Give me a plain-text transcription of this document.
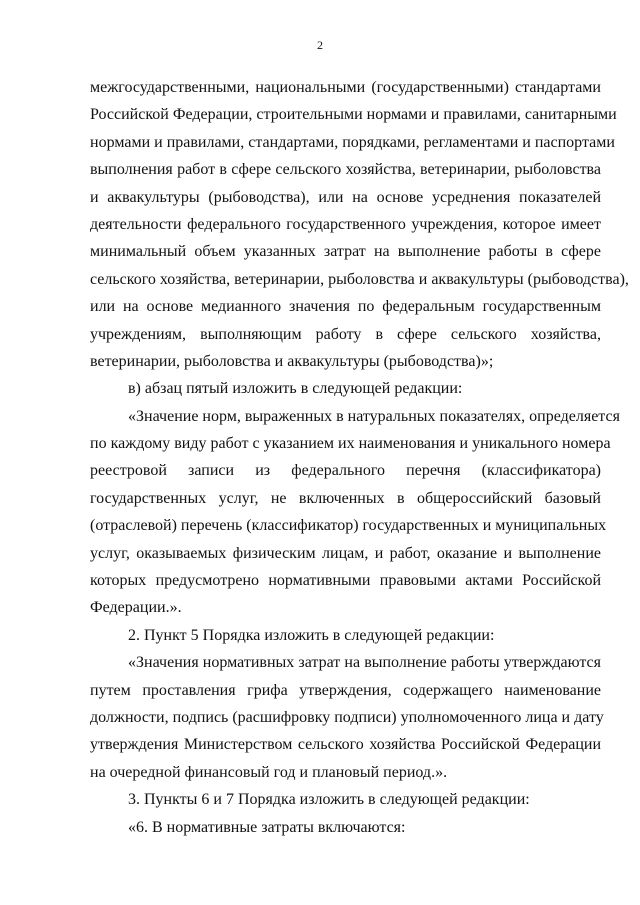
2
межгосударственными, национальными (государственными) стандартами
Российской Федерации, строительными нормами и правилами, санитарными
нормами и правилами, стандартами, порядками, регламентами и паспортами
выполнения работ в сфере сельского хозяйства, ветеринарии, рыболовства
и аквакультуры (рыбоводства), или на основе усреднения показателей
деятельности федерального государственного учреждения, которое имеет
минимальный объем указанных затрат на выполнение работы в сфере
сельского хозяйства, ветеринарии, рыболовства и аквакультуры (рыбоводства),
или на основе медианного значения по федеральным государственным
учреждениям, выполняющим работу в сфере сельского хозяйства,
ветеринарии, рыболовства и аквакультуры (рыбоводства)»;
в) абзац пятый изложить в следующей редакции:
«Значение норм, выраженных в натуральных показателях, определяется
по каждому виду работ с указанием их наименования и уникального номера
реестровой записи из федерального перечня (классификатора)
государственных услуг, не включенных в общероссийский базовый
(отраслевой) перечень (классификатор) государственных и муниципальных
услуг, оказываемых физическим лицам, и работ, оказание и выполнение
которых предусмотрено нормативными правовыми актами Российской
Федерации.».
2. Пункт 5 Порядка изложить в следующей редакции:
«Значения нормативных затрат на выполнение работы утверждаются
путем проставления грифа утверждения, содержащего наименование
должности, подпись (расшифровку подписи) уполномоченного лица и дату
утверждения Министерством сельского хозяйства Российской Федерации
на очередной финансовый год и плановый период.».
3. Пункты 6 и 7 Порядка изложить в следующей редакции:
«6. В нормативные затраты включаются:
